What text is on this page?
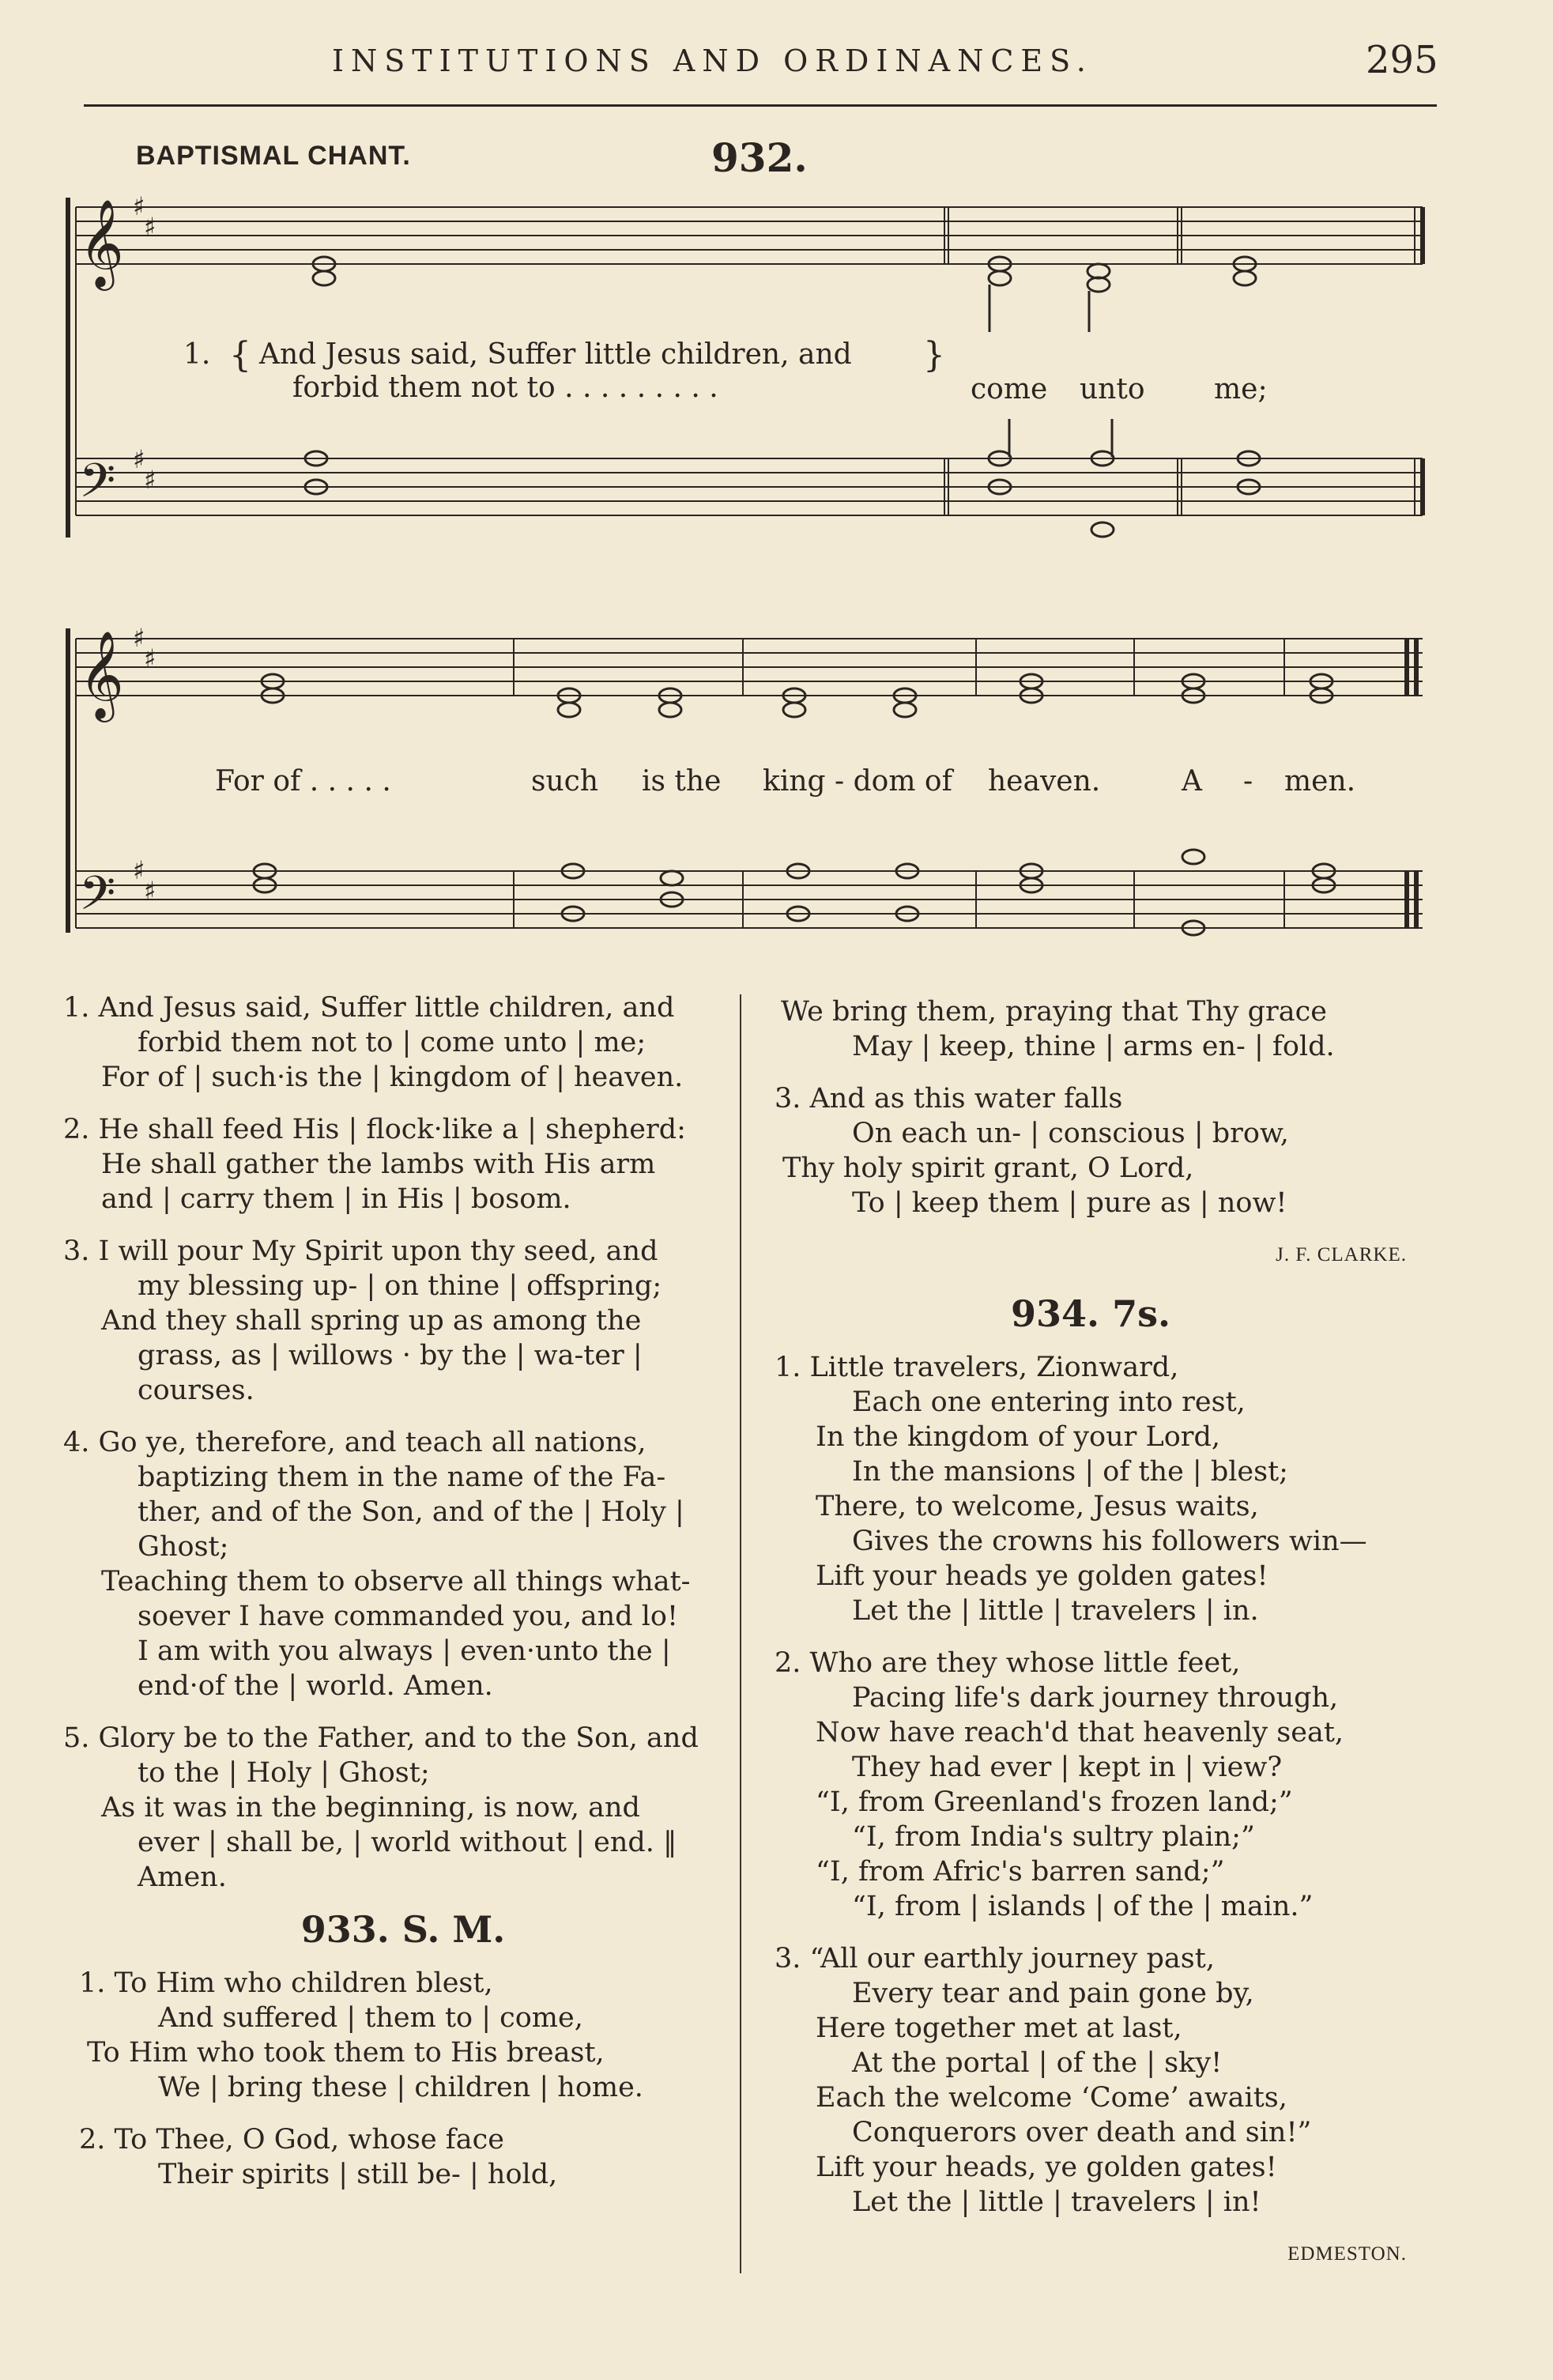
INSTITUTIONS AND ORDINANCES.	295
BAPTISMAL CHANT.	932.
𝄞
𝄢
𝄞
𝄢
♯
♯
♯
♯
♯
♯
♯
♯
1. { And Jesus said, Suffer little children, and
forbid them not to . . . . . . . . .
}
come unto me;
For of . . . . .	such is the king - dom of heaven.	A - men.
1. And Jesus said, Suffer little children, and
forbid them not to | come unto | me;
For of | such·is the | kingdom of | heaven.
2. He shall feed His | flock·like a | shepherd:
He shall gather the lambs with His arm
and | carry them | in His | bosom.
3. I will pour My Spirit upon thy seed, and
my blessing up- | on thine | offspring;
And they shall spring up as among the
grass, as | willows · by the | wa-ter |
courses.
4. Go ye, therefore, and teach all nations,
baptizing them in the name of the Fa-
ther, and of the Son, and of the | Holy |
Ghost;
Teaching them to observe all things what-
soever I have commanded you, and lo!
I am with you always | even·unto the |
end·of the | world. Amen.
5. Glory be to the Father, and to the Son, and
to the | Holy | Ghost;
As it was in the beginning, is now, and
ever | shall be, | world without | end. ‖
Amen.
933. S. M.
1. To Him who children blest,
And suffered | them to | come,
To Him who took them to His breast,
We | bring these | children | home.
2. To Thee, O God, whose face
Their spirits | still be- | hold,
We bring them, praying that Thy grace
May | keep, thine | arms en- | fold.
3. And as this water falls
On each un- | conscious | brow,
Thy holy spirit grant, O Lord,
To | keep them | pure as | now!
J. F. CLARKE.
934. 7s.
1. Little travelers, Zionward,
Each one entering into rest,
In the kingdom of your Lord,
In the mansions | of the | blest;
There, to welcome, Jesus waits,
Gives the crowns his followers win—
Lift your heads ye golden gates!
Let the | little | travelers | in.
2. Who are they whose little feet,
Pacing life's dark journey through,
Now have reach'd that heavenly seat,
They had ever | kept in | view?
“I, from Greenland's frozen land;”
“I, from India's sultry plain;”
“I, from Afric's barren sand;”
“I, from | islands | of the | main.”
3. “All our earthly journey past,
Every tear and pain gone by,
Here together met at last,
At the portal | of the | sky!
Each the welcome ‘Come’ awaits,
Conquerors over death and sin!”
Lift your heads, ye golden gates!
Let the | little | travelers | in!
EDMESTON.
